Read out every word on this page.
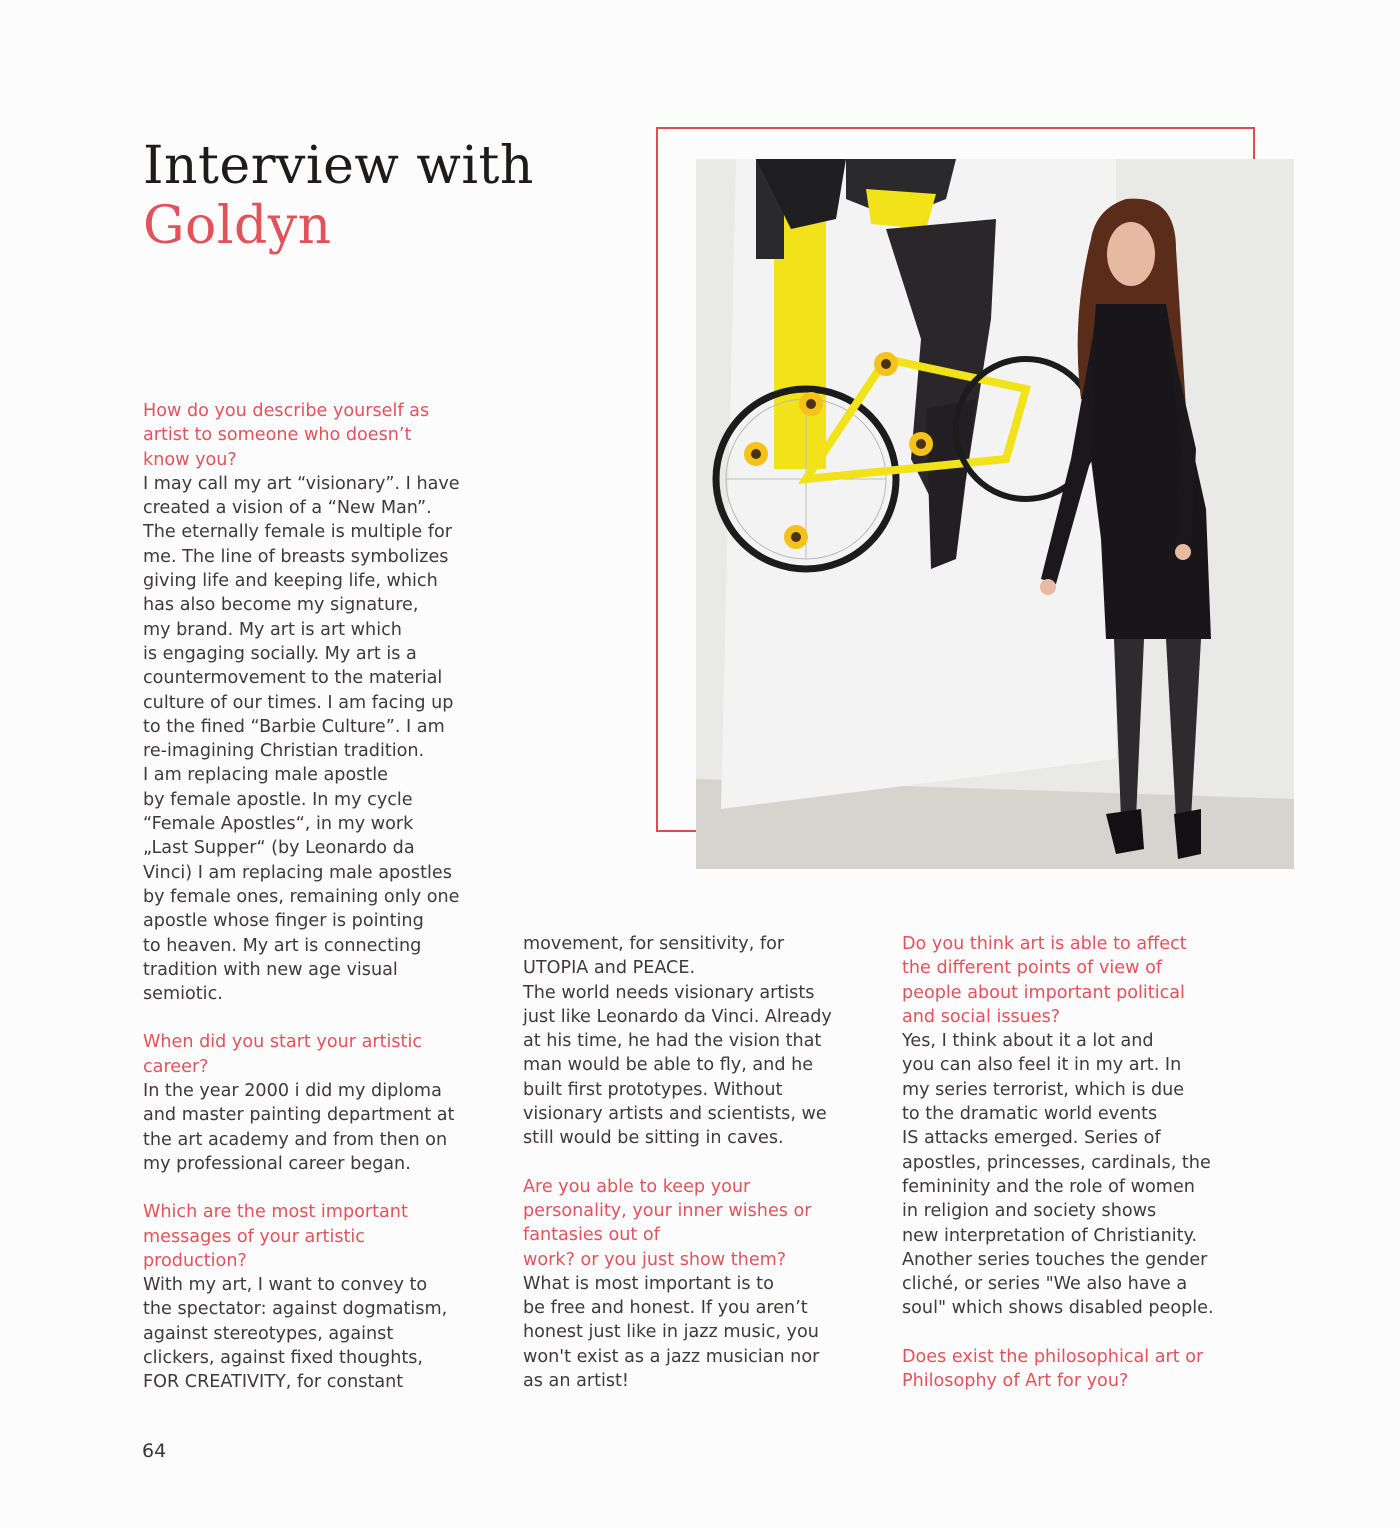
Interview with
Goldyn

How do you describe yourself as
artist to someone who doesn’t
know you?

I may call my art “visionary”. I have
created a vision of a “New Man”.
The eternally female is multiple for
me. The line of breasts symbolizes
giving life and keeping life, which
has also become my signature,
my brand. My art is art which
is engaging socially. My art is a
countermovement to the material
culture of our times. I am facing up
to the fined “Barbie Culture”. I am
re-imagining Christian tradition.
I am replacing male apostle
by female apostle. In my cycle
“Female Apostles“, in my work
„Last Supper“ (by Leonardo da
Vinci) I am replacing male apostles
by female ones, remaining only one
apostle whose finger is pointing
to heaven. My art is connecting
tradition with new age visual
semiotic.

When did you start your artistic
career?

In the year 2000 i did my diploma
and master painting department at
the art academy and from then on
my professional career began.

Which are the most important
messages of your artistic
production?

With my art, I want to convey to
the spectator: against dogmatism,
against stereotypes, against
clickers, against fixed thoughts,
FOR CREATIVITY, for constant

movement, for sensitivity, for
UTOPIA and PEACE.
The world needs visionary artists
just like Leonardo da Vinci. Already
at his time, he had the vision that
man would be able to fly, and he
built first prototypes. Without
visionary artists and scientists, we
still would be sitting in caves.

Are you able to keep your
personality, your inner wishes or
fantasies out of
work? or you just show them?

What is most important is to
be free and honest. If you aren’t
honest just like in jazz music, you
won't exist as a jazz musician nor
as an artist!

Do you think art is able to affect
the different points of view of
people about important political
and social issues?

Yes, I think about it a lot and
you can also feel it in my art. In
my series terrorist, which is due
to the dramatic world events
IS attacks emerged. Series of
apostles, princesses, cardinals, the
femininity and the role of women
in religion and society shows
new interpretation of Christianity.
Another series touches the gender
cliché, or series "We also have a
soul" which shows disabled people.

Does exist the philosophical art or
Philosophy of Art for you?

64
